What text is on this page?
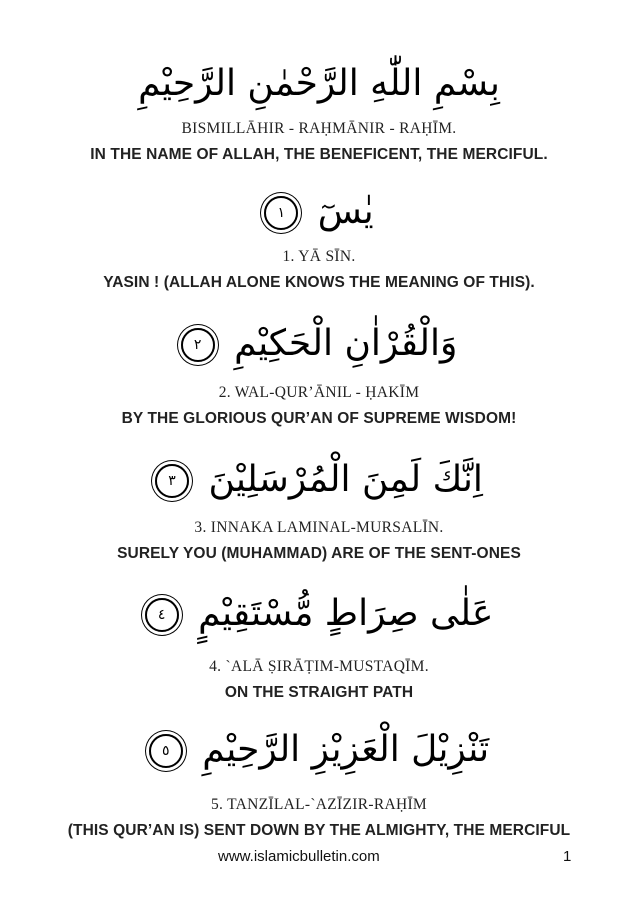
بِسْمِ اللّٰهِ الرَّحْمٰنِ الرَّحِيْمِ
BISMILLĀHIR - RAḤMĀNIR - RAḤĪM.
IN THE NAME OF ALLAH, THE BENEFICENT, THE MERCIFUL.
يٰسٓ ١
1. YĀ SĪN.
YASIN ! (ALLAH ALONE KNOWS THE MEANING OF THIS).
وَالْقُرْاٰنِ الْحَكِيْمِ ٢
2. WAL-QUR’ĀNIL - ḤAKĪM
BY THE GLORIOUS QUR’AN OF SUPREME WISDOM!
اِنَّكَ لَمِنَ الْمُرْسَلِيْنَ ٣
3. INNAKA LAMINAL-MURSALĪN.
SURELY YOU (MUHAMMAD) ARE OF THE SENT-ONES
عَلٰى صِرَاطٍ مُّسْتَقِيْمٍ ٤
4. `ALĀ ṢIRĀṬIM-MUSTAQĪM.
ON THE STRAIGHT PATH
تَنْزِيْلَ الْعَزِيْزِ الرَّحِيْمِ ٥
5. TANZĪLAL-`AZĪZIR-RAḤĪM
(THIS QUR’AN IS) SENT DOWN BY THE ALMIGHTY, THE MERCIFUL
www.islamicbulletin.com	1
